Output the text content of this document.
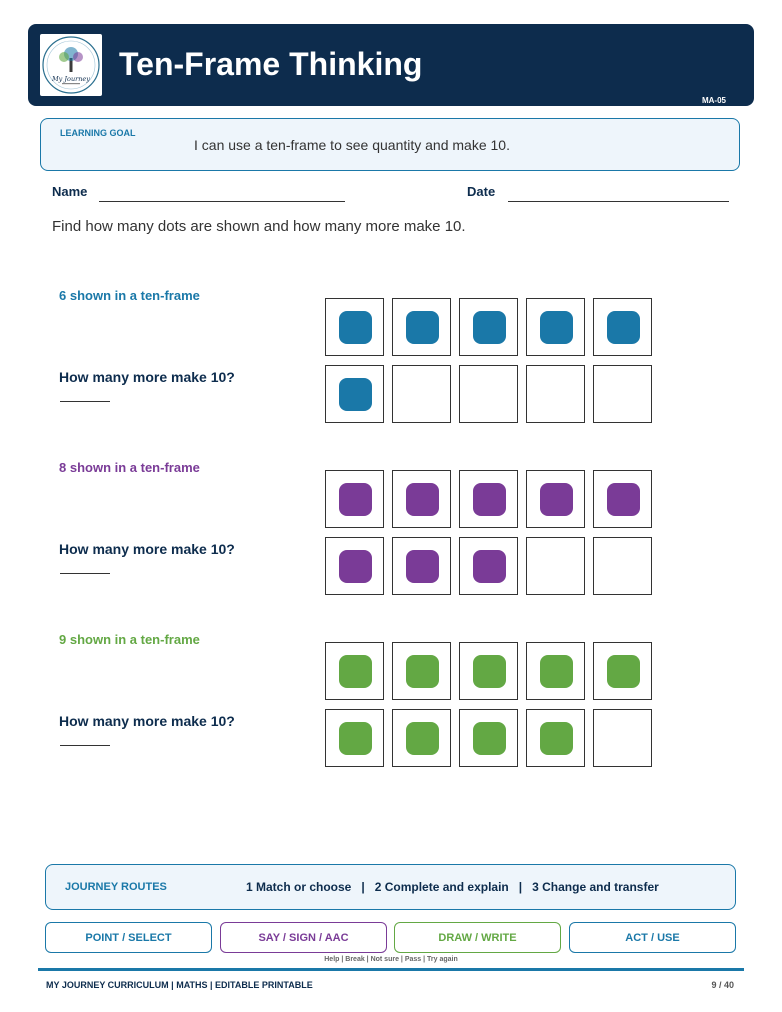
My Journey Ten-Frame Thinking
MA-05
LEARNING GOAL
I can use a ten-frame to see quantity and make 10.
Name	Date
Find how many dots are shown and how many more make 10.
6 shown in a ten-frame
How many more make 10?
8 shown in a ten-frame
How many more make 10?
9 shown in a ten-frame
How many more make 10?
JOURNEY ROUTES	1 Match or choose   |   2 Complete and explain   |   3 Change and transfer
POINT / SELECT	SAY / SIGN / AAC	DRAW / WRITE	ACT / USE
Help | Break | Not sure | Pass | Try again
MY JOURNEY CURRICULUM | MATHS | EDITABLE PRINTABLE	9 / 40
